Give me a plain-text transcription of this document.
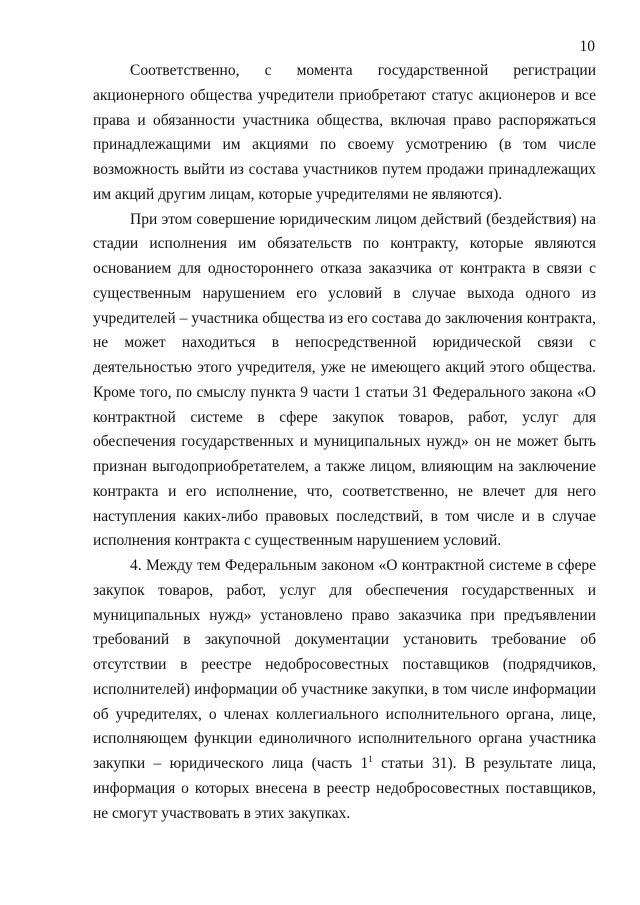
10

Соответственно, с момента государственной регистрации акционерного общества учредители приобретают статус акционеров и все права и обязанности участника общества, включая право распоряжаться принадлежащими им акциями по своему усмотрению (в том числе возможность выйти из состава участников путем продажи принадлежащих им акций другим лицам, которые учредителями не являются).

При этом совершение юридическим лицом действий (бездействия) на стадии исполнения им обязательств по контракту, которые являются основанием для одностороннего отказа заказчика от контракта в связи с существенным нарушением его условий в случае выхода одного из учредителей – участника общества из его состава до заключения контракта, не может находиться в непосредственной юридической связи с деятельностью этого учредителя, уже не имеющего акций этого общества. Кроме того, по смыслу пункта 9 части 1 статьи 31 Федерального закона «О контрактной системе в сфере закупок товаров, работ, услуг для обеспечения государственных и муниципальных нужд» он не может быть признан выгодоприобретателем, а также лицом, влияющим на заключение контракта и его исполнение, что, соответственно, не влечет для него наступления каких-либо правовых последствий, в том числе и в случае исполнения контракта с существенным нарушением условий.

4. Между тем Федеральным законом «О контрактной системе в сфере закупок товаров, работ, услуг для обеспечения государственных и муниципальных нужд» установлено право заказчика при предъявлении требований в закупочной документации установить требование об отсутствии в реестре недобросовестных поставщиков (подрядчиков, исполнителей) информации об участнике закупки, в том числе информации об учредителях, о членах коллегиального исполнительного органа, лице, исполняющем функции единоличного исполнительного органа участника закупки – юридического лица (часть $1^1$ статьи 31). В результате лица, информация о которых внесена в реестр недобросовестных поставщиков, не смогут участвовать в этих закупках.
